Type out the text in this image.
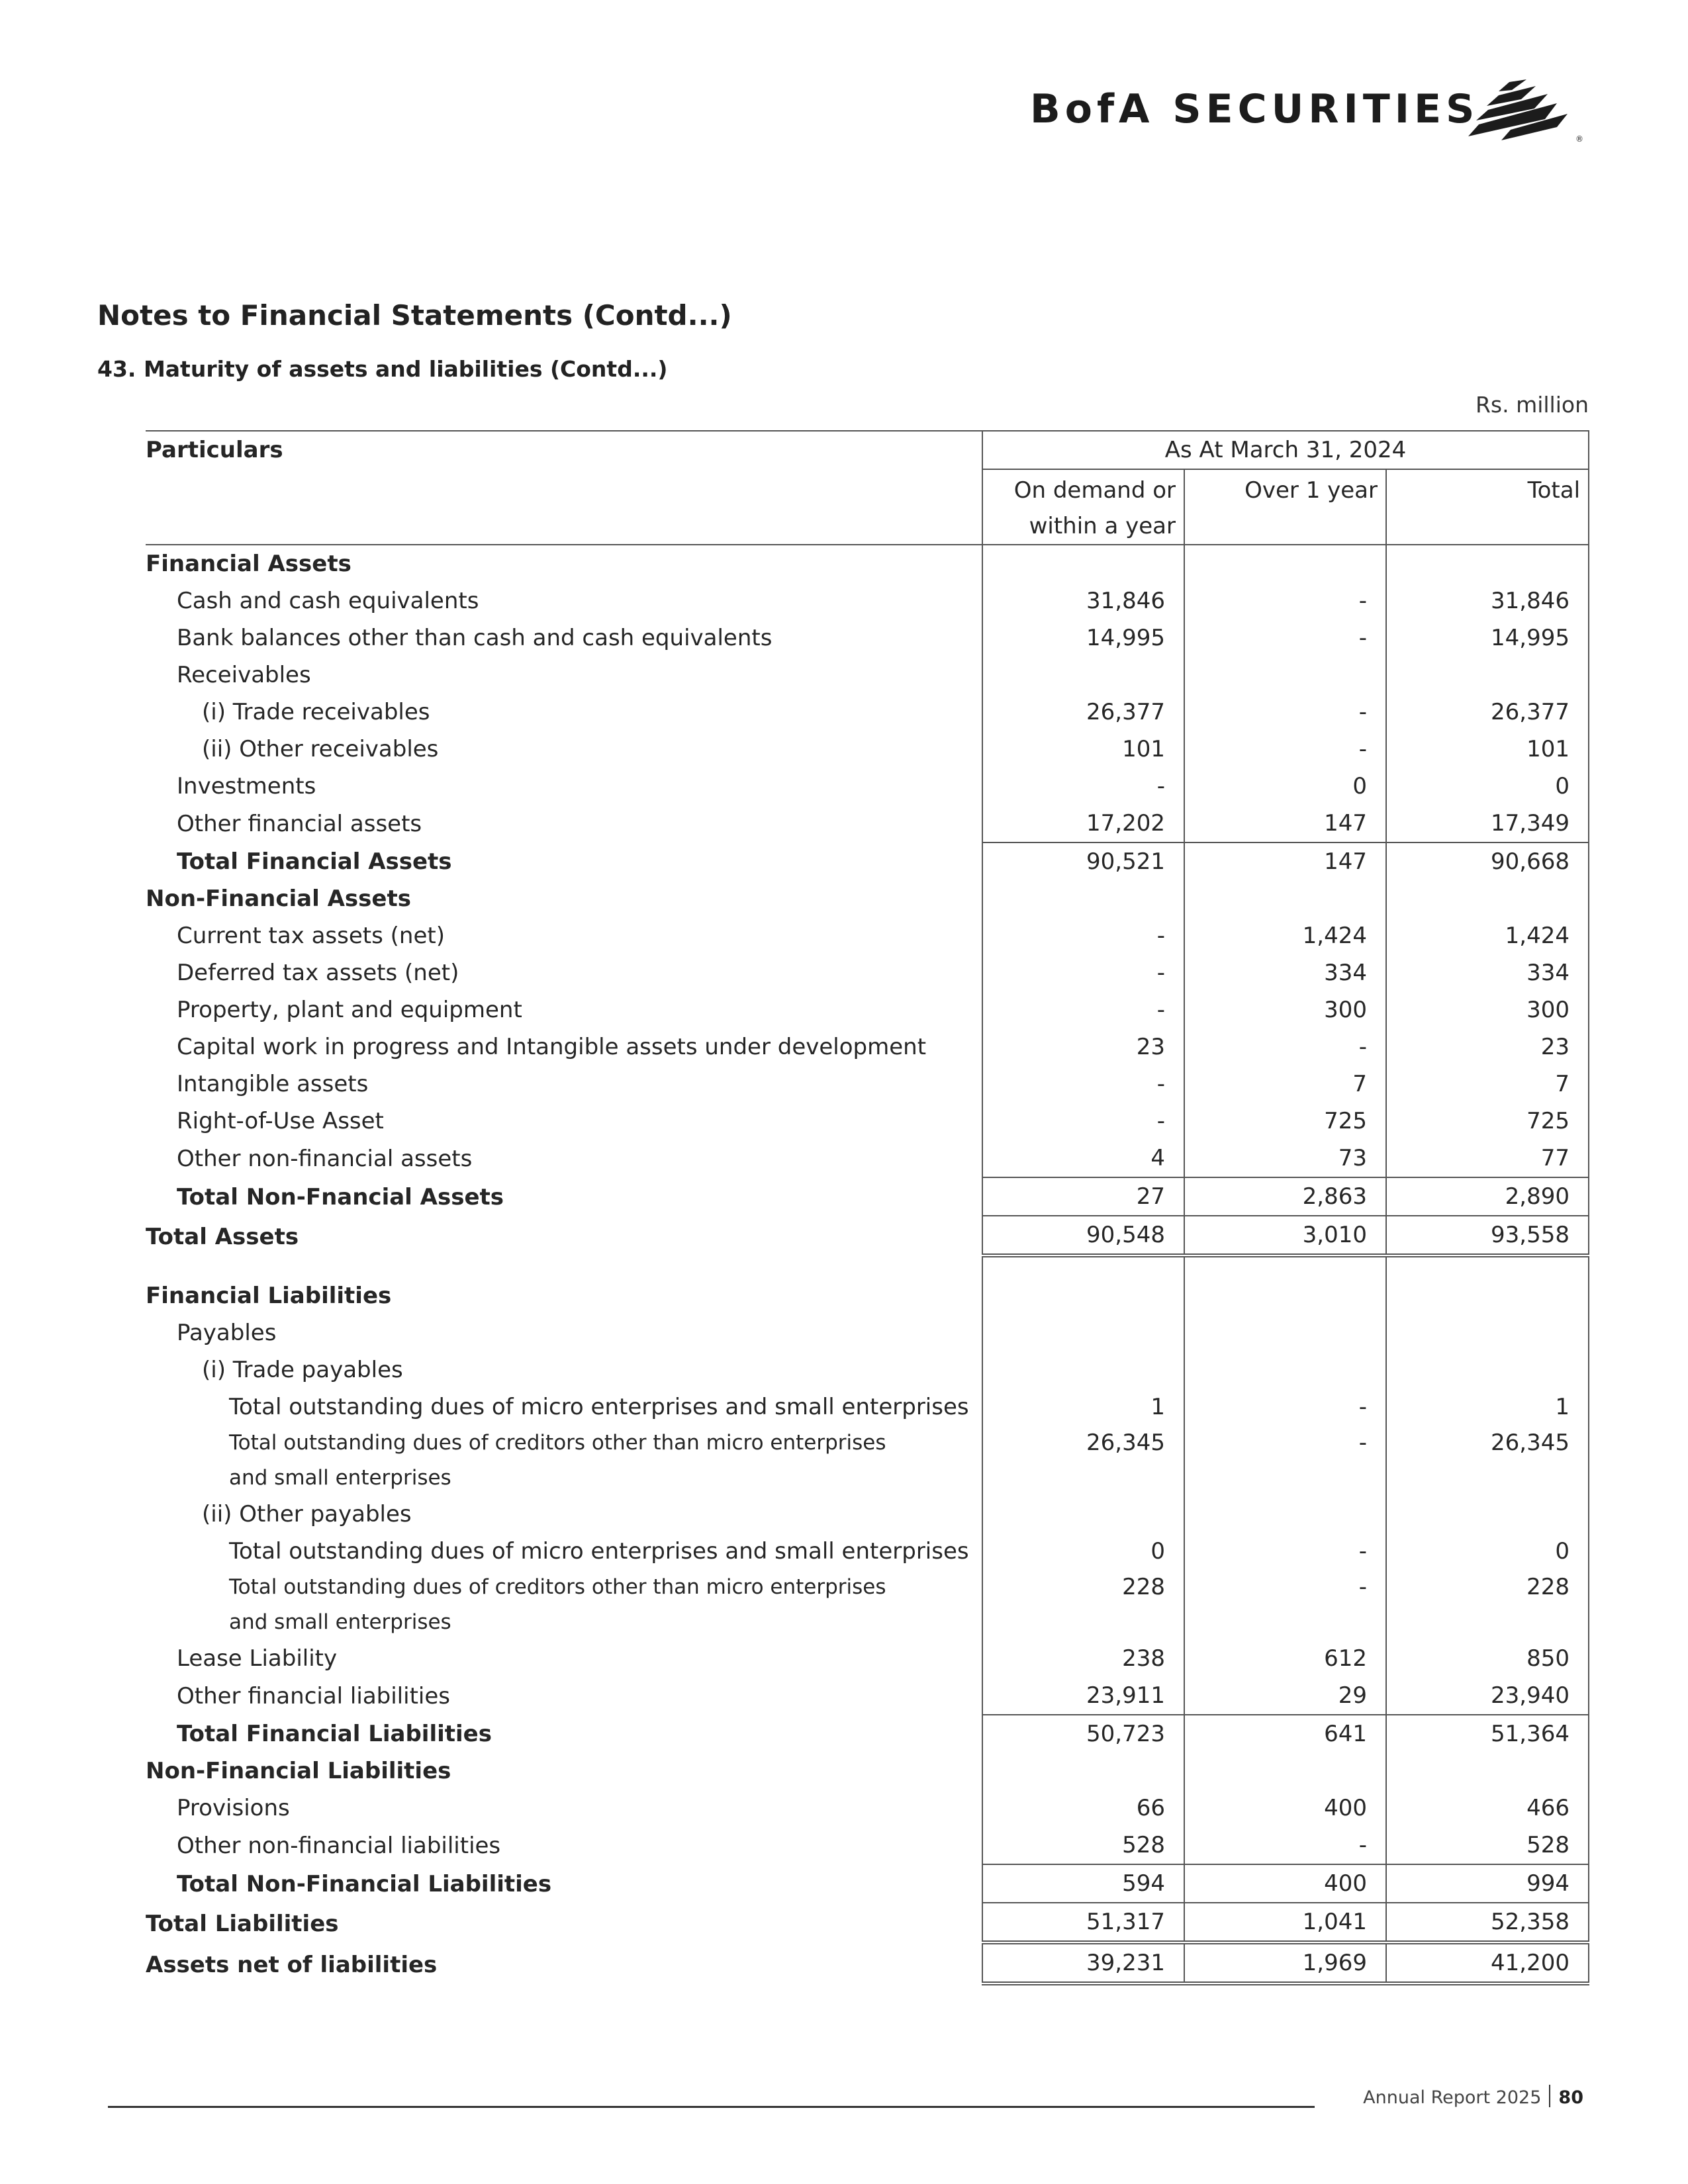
BofA SECURITIES
®
Notes to Financial Statements (Contd...)
43. Maturity of assets and liabilities (Contd...)
Rs. million
Particulars	As At March 31, 2024		
	On demand or within a year	Over 1 year	Total
Financial Assets			
Cash and cash equivalents	31,846	-	31,846
Bank balances other than cash and cash equivalents	14,995	-	14,995
Receivables			
(i) Trade receivables	26,377	-	26,377
(ii) Other receivables	101	-	101
Investments	-	0	0
Other financial assets	17,202	147	17,349
Total Financial Assets	90,521	147	90,668
Non-Financial Assets			
Current tax assets (net)	-	1,424	1,424
Deferred tax assets (net)	-	334	334
Property, plant and equipment	-	300	300
Capital work in progress and Intangible assets under development	23	-	23
Intangible assets	-	7	7
Right-of-Use Asset	-	725	725
Other non-financial assets	4	73	77
Total Non-Fnancial Assets	27	2,863	2,890
Total Assets	90,548	3,010	93,558

Financial Liabilities			
Payables			
(i) Trade payables			
Total outstanding dues of micro enterprises and small enterprises	1	-	1
Total outstanding dues of creditors other than micro enterprises and small enterprises	26,345	-	26,345
(ii) Other payables			
Total outstanding dues of micro enterprises and small enterprises	0	-	0
Total outstanding dues of creditors other than micro enterprises and small enterprises	228	-	228
Lease Liability	238	612	850
Other financial liabilities	23,911	29	23,940
Total Financial Liabilities	50,723	641	51,364
Non-Financial Liabilities			
Provisions	66	400	466
Other non-financial liabilities	528	-	528
Total Non-Financial Liabilities	594	400	994
Total Liabilities	51,317	1,041	52,358
Assets net of liabilities	39,231	1,969	41,200
Annual Report 2025 80
